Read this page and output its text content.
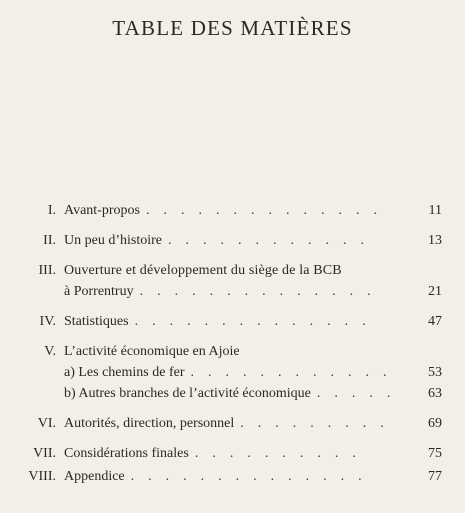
TABLE DES MATIÈRES
I. Avant-propos .    .    .    .    .    .    .    .    .    .    .    .    .    .	11
II. Un peu d’histoire .    .    .    .    .    .    .    .    .    .    .    .	13
III. Ouverture et développement du siège de la BCB
à Porrentruy .    .    .    .    .    .    .    .    .    .    .    .    .    .	21
IV. Statistiques .    .    .    .    .    .    .    .    .    .    .    .    .    .	47
V. L’activité économique en Ajoie
a) Les chemins de fer .    .    .    .    .    .    .    .    .    .    .    .	53
b) Autres branches de l’activité économique .    .    .    .    .	63
VI. Autorités, direction, personnel .    .    .    .    .    .    .    .    .	69
VII. Considérations finales .    .    .    .    .    .    .    .    .    .	75
VIII. Appendice .    .    .    .    .    .    .    .    .    .    .    .    .    .	77
